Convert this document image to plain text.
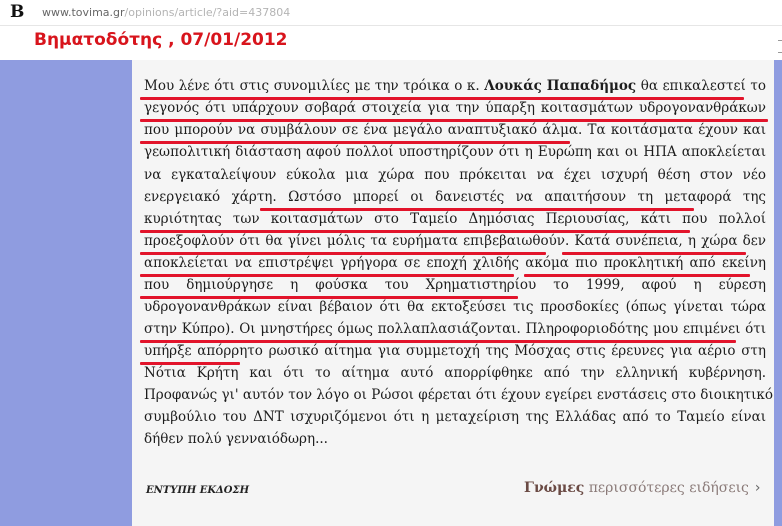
B www.tovima.gr/opinions/article/?aid=437804
Βηματοδότης , 07/01/2012
Μου λένε ότι στις συνομιλίες με την τρόικα ο κ. Λουκάς Παπαδήμος θα επικαλεστεί το
γεγονός ότι υπάρχουν σοβαρά στοιχεία για την ύπαρξη κοιτασμάτων υδρογονανθράκων
που μπορούν να συμβάλουν σε ένα μεγάλο αναπτυξιακό άλμα. Τα κοιτάσματα έχουν και
γεωπολιτική διάσταση αφού πολλοί υποστηρίζουν ότι η Ευρώπη και οι ΗΠΑ αποκλείεται
να εγκαταλείψουν εύκολα μια χώρα που πρόκειται να έχει ισχυρή θέση στον νέο
ενεργειακό χάρτη. Ωστόσο μπορεί οι δανειστές να απαιτήσουν τη μεταφορά της
κυριότητας των κοιτασμάτων στο Ταμείο Δημόσιας Περιουσίας, κάτι που πολλοί
προεξοφλούν ότι θα γίνει μόλις τα ευρήματα επιβεβαιωθούν. Κατά συνέπεια, η χώρα δεν
αποκλείεται να επιστρέψει γρήγορα σε εποχή χλιδής ακόμα πιο προκλητική από εκείνη
που δημιούργησε η φούσκα του Χρηματιστηρίου το 1999, αφού η εύρεση
υδρογονανθράκων είναι βέβαιον ότι θα εκτοξεύσει τις προσδοκίες (όπως γίνεται τώρα
στην Κύπρο). Οι μνηστήρες όμως πολλαπλασιάζονται. Πληροφοριοδότης μου επιμένει ότι
υπήρξε απόρρητο ρωσικό αίτημα για συμμετοχή της Μόσχας στις έρευνες για αέριο στη
Νότια Κρήτη και ότι το αίτημα αυτό απορρίφθηκε από την ελληνική κυβέρνηση.
Προφανώς γι' αυτόν τον λόγο οι Ρώσοι φέρεται ότι έχουν εγείρει ενστάσεις στο διοικητικό
συμβούλιο του ΔΝΤ ισχυριζόμενοι ότι η μεταχείριση της Ελλάδας από το Ταμείο είναι
δήθεν πολύ γενναιόδωρη...
ΕΝΤΥΠΗ ΕΚΔΟΣΗ	Γνώμες περισσότερες ειδήσεις ›
